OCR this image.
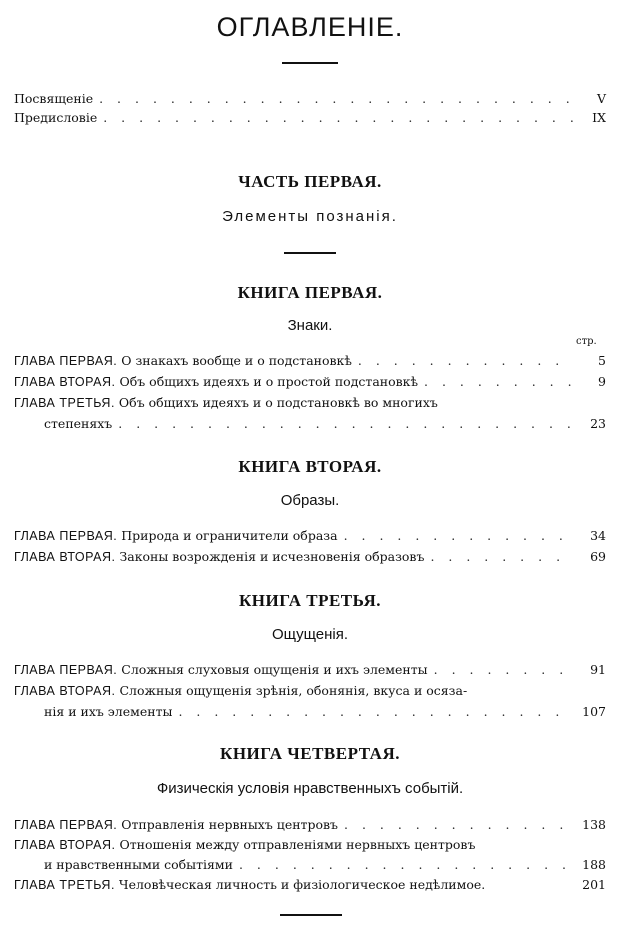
ОГЛАВЛЕНIЕ.
Посвященiе . . .	V
Предисловiе . . .	IX
ЧАСТЬ ПЕРВАЯ.
Элементы познанiя.
КНИГА ПЕРВАЯ.
Знаки.
стр.
ГЛАВА ПЕРВАЯ. О знакахъ вообще и о подстановкѣ . . .	5
ГЛАВА ВТОРАЯ. Объ общихъ идеяхъ и о простой подстановкѣ . . .	9
ГЛАВА ТРЕТЬЯ. Объ общихъ идеяхъ и о подстановкѣ во многихъ
степеняхъ . . .	23
КНИГА ВТОРАЯ.
Образы.
ГЛАВА ПЕРВАЯ. Природа и ограничители образа . . .	34
ГЛАВА ВТОРАЯ. Законы возрожденія и исчезновенія образовъ . . .	69
КНИГА ТРЕТЬЯ.
Ощущенія.
ГЛАВА ПЕРВАЯ. Сложныя слуховыя ощущенія и ихъ элементы . . .	91
ГЛАВА ВТОРАЯ. Сложныя ощущенія зрѣнія, обонянія, вкуса и осяза-
нія и ихъ элементы . . .	107
КНИГА ЧЕТВЕРТАЯ.
Физическія условія нравственныхъ событій.
ГЛАВА ПЕРВАЯ. Отправленія нервныхъ центровъ . . .	138
ГЛАВА ВТОРАЯ. Отношенія между отправленіями нервныхъ центровъ
и нравственными событіями . . .	188
ГЛАВА ТРЕТЬЯ. Человѣческая личность и физіологическое недѣлимое.	201
